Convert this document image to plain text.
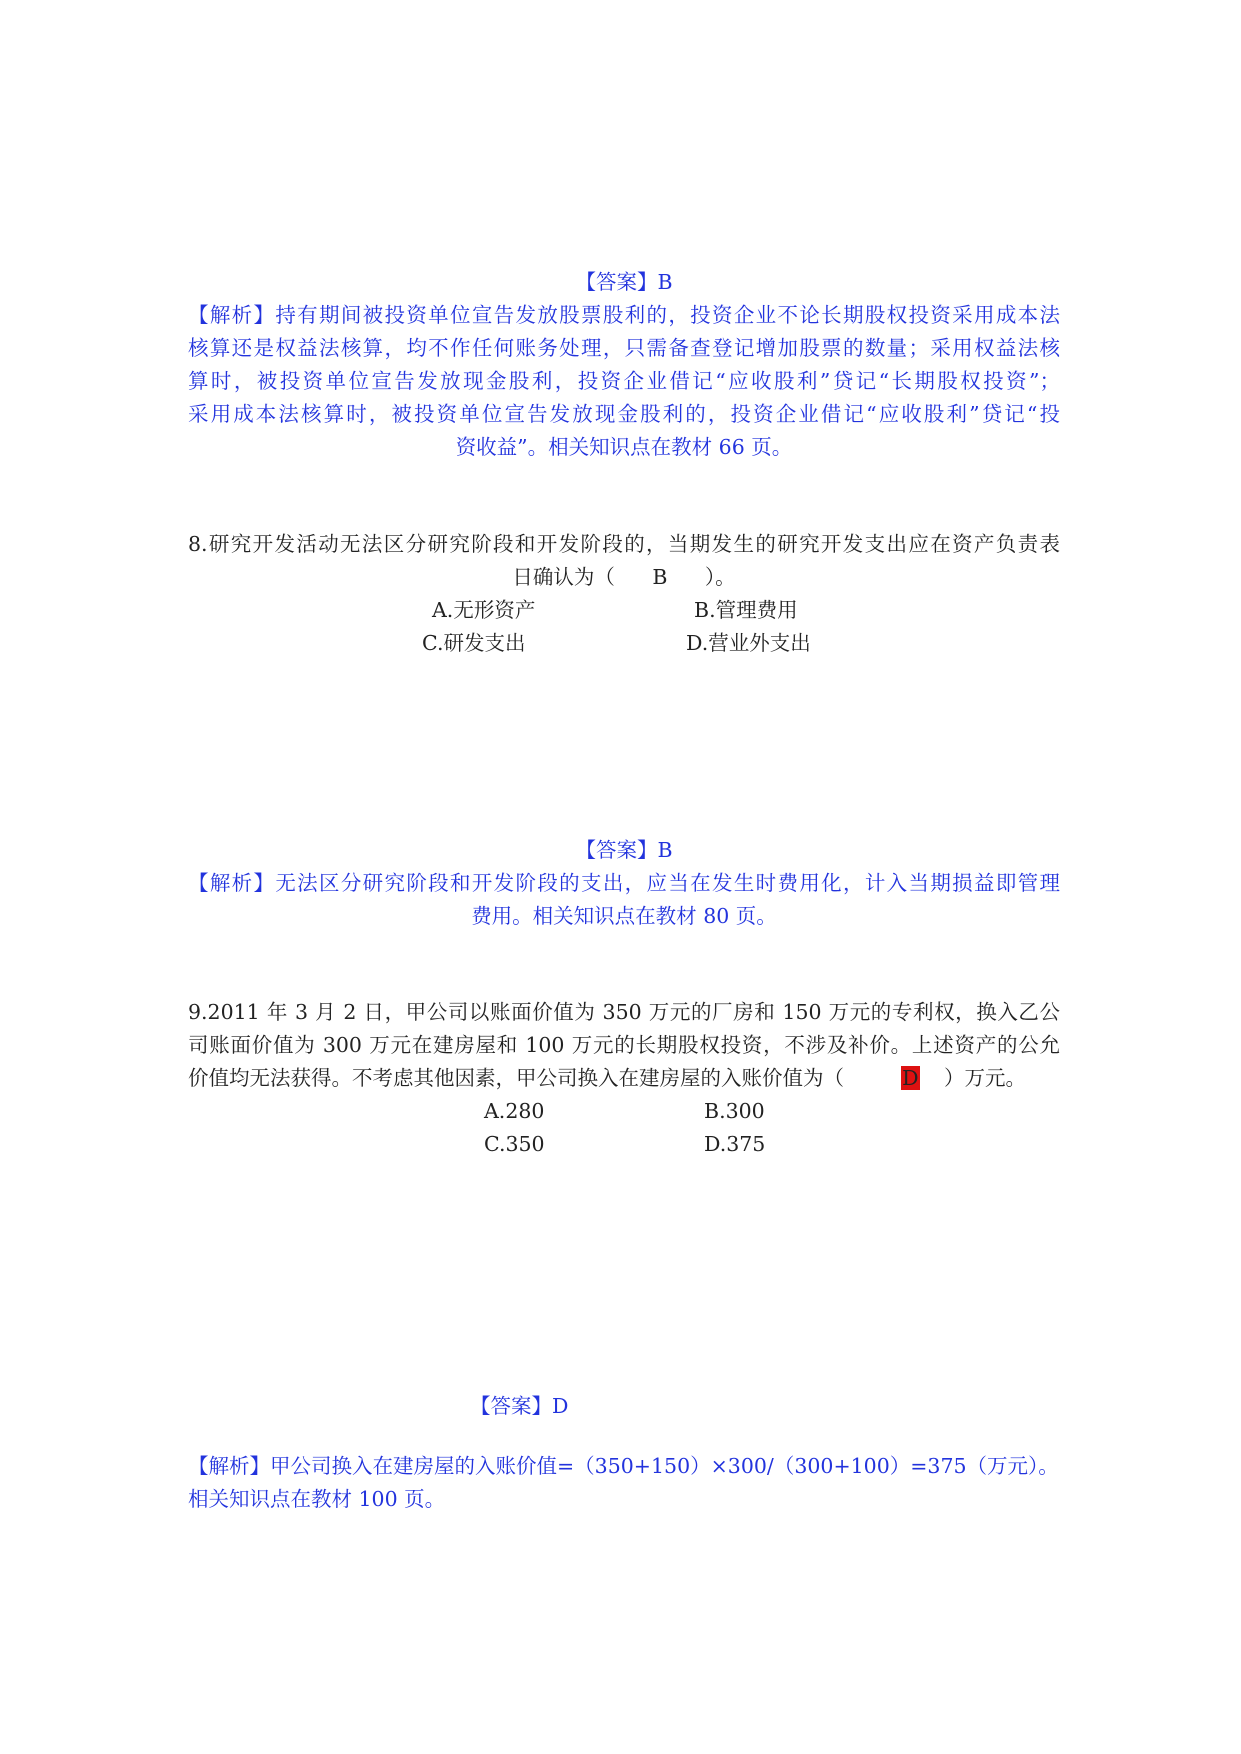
【答案】B
【解析】持有期间被投资单位宣告发放股票股利的，投资企业不论长期股权投资采用成本法
核算还是权益法核算，均不作任何账务处理，只需备查登记增加股票的数量；采用权益法核
算时，被投资单位宣告发放现金股利，投资企业借记“应收股利”贷记“长期股权投资”；
采用成本法核算时，被投资单位宣告发放现金股利的，投资企业借记“应收股利”贷记“投
资收益”。相关知识点在教材 66 页。
8.研究开发活动无法区分研究阶段和开发阶段的，当期发生的研究开发支出应在资产负责表
日确认为（ B ）。
A.无形资产	B.管理费用
C.研发支出	D.营业外支出
【答案】B
【解析】无法区分研究阶段和开发阶段的支出，应当在发生时费用化，计入当期损益即管理
费用。相关知识点在教材 80 页。
9.2011 年 3 月 2 日，甲公司以账面价值为 350 万元的厂房和 150 万元的专利权，换入乙公
司账面价值为 300 万元在建房屋和 100 万元的长期股权投资，不涉及补价。上述资产的公允
价值均无法获得。不考虑其他因素，甲公司换入在建房屋的入账价值为（	D ）万元。
A.280	B.300
C.350	D.375
【答案】D
【解析】甲公司换入在建房屋的入账价值=（350+150）×300/（300+100）=375（万元）。
相关知识点在教材 100 页。
